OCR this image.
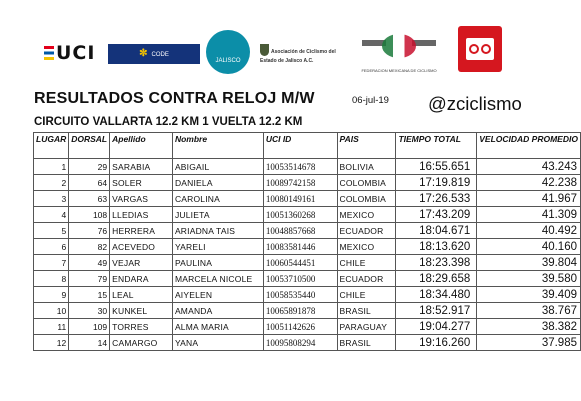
UCI	✼ CODE
JALISCO
Asociación de Ciclismo del Estado de Jalisco A.C.
FEDERACION MEXICANA DE CICLISMO
RESULTADOS CONTRA RELOJ M/W	06-jul-19 @zciclismo
CIRCUITO VALLARTA 12.2 KM 1 VUELTA 12.2 KM
LUGAR	DORSAL	Apellido	Nombre	UCI ID	PAIS	TIEMPO TOTAL	VELOCIDAD PROMEDIO
1	29	SARABIA	ABIGAIL	10053514678	BOLIVIA	16:55.651	43.243
2	64	SOLER	DANIELA	10089742158	COLOMBIA	17:19.819	42.238
3	63	VARGAS	CAROLINA	10080149161	COLOMBIA	17:26.533	41.967
4	108	LLEDIAS	JULIETA	10051360268	MEXICO	17:43.209	41.309
5	76	HERRERA	ARIADNA TAIS	10048857668	ECUADOR	18:04.671	40.492
6	82	ACEVEDO	YARELI	10083581446	MEXICO	18:13.620	40.160
7	49	VEJAR	PAULINA	10060544451	CHILE	18:23.398	39.804
8	79	ENDARA	MARCELA NICOLE	10053710500	ECUADOR	18:29.658	39.580
9	15	LEAL	AIYELEN	10058535440	CHILE	18:34.480	39.409
10	30	KUNKEL	AMANDA	10065891878	BRASIL	18:52.917	38.767
11	109	TORRES	ALMA MARIA	10051142626	PARAGUAY	19:04.277	38.382
12	14	CAMARGO	YANA	10095808294	BRASIL	19:16.260	37.985
